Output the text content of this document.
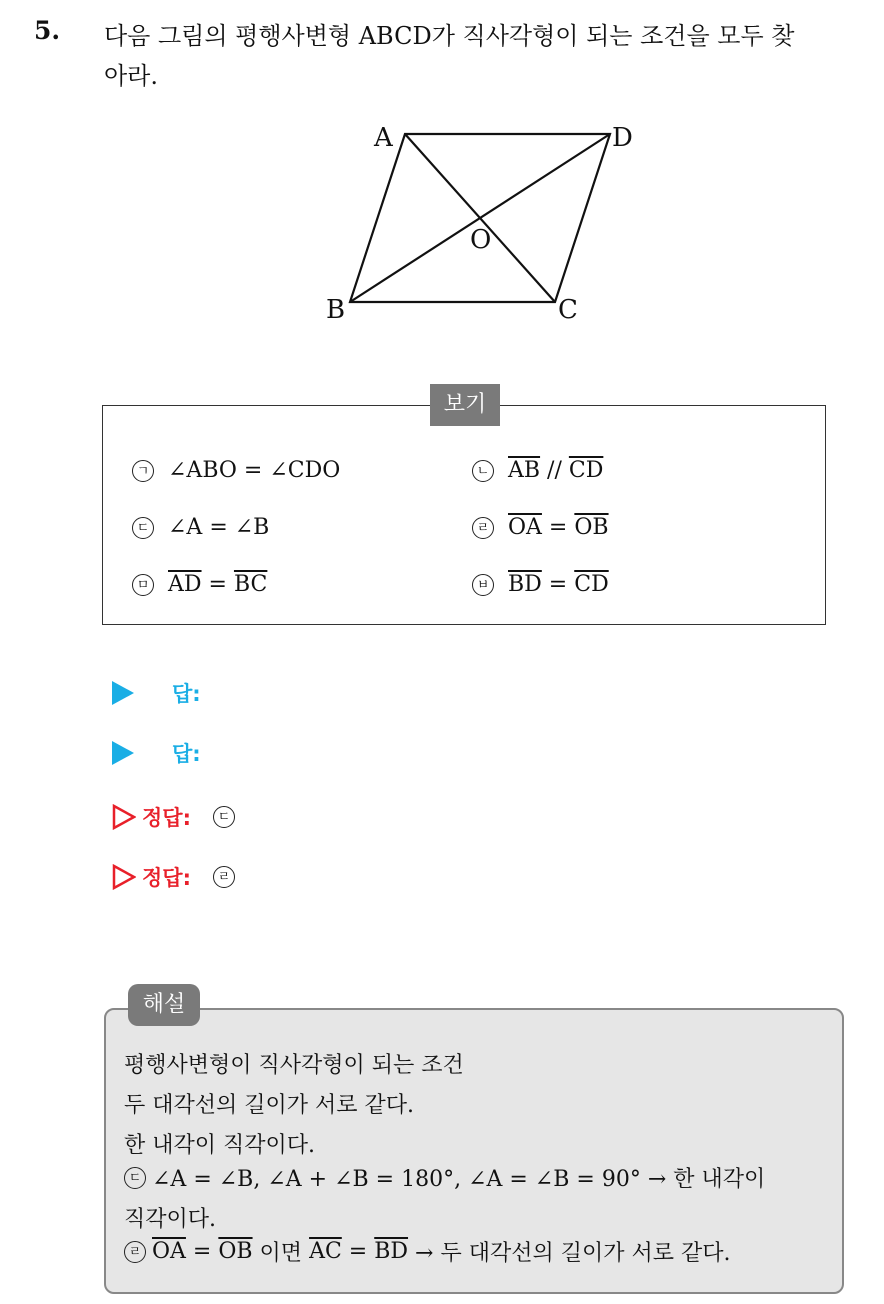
5. 다음 그림의 평행사변형 ABCD가 직사각형이 되는 조건을 모두 찾
아라.
A	D
O
B	C
보기
ㄱ ∠ABO = ∠CDO	ㄴ $\overline{AB} // \overline{CD}$
ㄷ ∠A = ∠B	ㄹ $\overline{OA} = \overline{OB}$
ㅁ $\overline{AD} = \overline{BC}$	ㅂ $\overline{BD} = \overline{CD}$
답:
답:
정답:	ㄷ
정답:	ㄹ
해설
평행사변형이 직사각형이 되는 조건
두 대각선의 길이가 서로 같다.
한 내각이 직각이다.
ㄷ ∠A = ∠B, ∠A + ∠B = 180°, ∠A = ∠B = 90° → 한 내각이
직각이다.
ㄹ $\overline{OA} = \overline{OB}$ 이면 $\overline{AC} = \overline{BD}$ → 두 대각선의 길이가 서로 같다.
